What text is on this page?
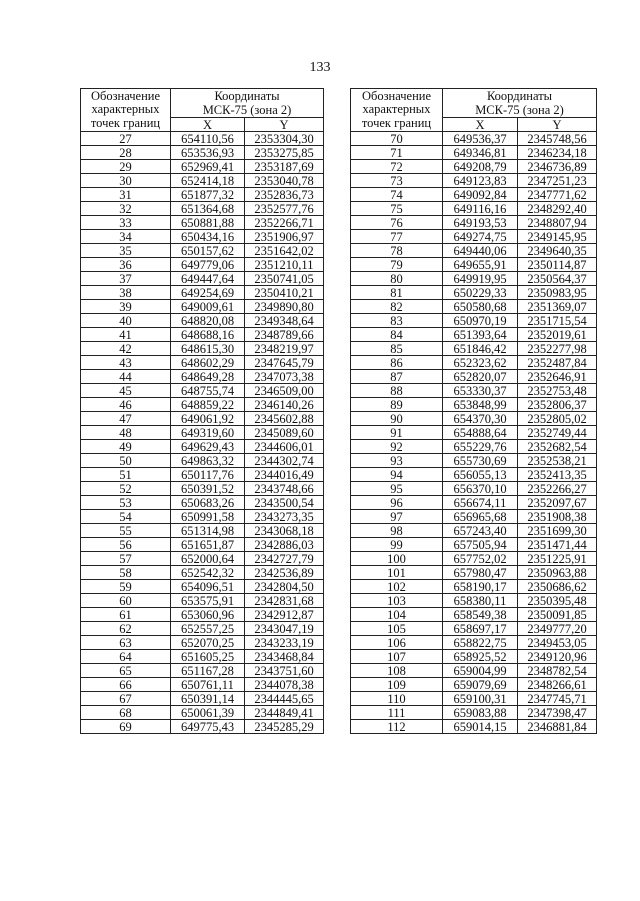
133
Обозначение
характерных
точек границ	Координаты
МСК-75 (зона 2)	

	X	Y
27	654110,56	2353304,30
28	653536,93	2353275,85
29	652969,41	2353187,69
30	652414,18	2353040,78
31	651877,32	2352836,73
32	651364,68	2352577,76
33	650881,88	2352266,71
34	650434,16	2351906,97
35	650157,62	2351642,02
36	649779,06	2351210,11
37	649447,64	2350741,05
38	649254,69	2350410,21
39	649009,61	2349890,80
40	648820,08	2349348,64
41	648688,16	2348789,66
42	648615,30	2348219,97
43	648602,29	2347645,79
44	648649,28	2347073,38
45	648755,74	2346509,00
46	648859,22	2346140,26
47	649061,92	2345602,88
48	649319,60	2345089,60
49	649629,43	2344606,01
50	649863,32	2344302,74
51	650117,76	2344016,49
52	650391,52	2343748,66
53	650683,26	2343500,54
54	650991,58	2343273,35
55	651314,98	2343068,18
56	651651,87	2342886,03
57	652000,64	2342727,79
58	652542,32	2342536,89
59	654096,51	2342804,50
60	653575,91	2342831,68
61	653060,96	2342912,87
62	652557,25	2343047,19
63	652070,25	2343233,19
64	651605,25	2343468,84
65	651167,28	2343751,60
66	650761,11	2344078,38
67	650391,14	2344445,65
68	650061,39	2344849,41
69	649775,43	2345285,29
Обозначение
характерных
точек границ	Координаты
МСК-75 (зона 2)	

	X	Y
70	649536,37	2345748,56
71	649346,81	2346234,18
72	649208,79	2346736,89
73	649123,83	2347251,23
74	649092,84	2347771,62
75	649116,16	2348292,40
76	649193,53	2348807,94
77	649274,75	2349145,95
78	649440,06	2349640,35
79	649655,91	2350114,87
80	649919,95	2350564,37
81	650229,33	2350983,95
82	650580,68	2351369,07
83	650970,19	2351715,54
84	651393,64	2352019,61
85	651846,42	2352277,98
86	652323,62	2352487,84
87	652820,07	2352646,91
88	653330,37	2352753,48
89	653848,99	2352806,37
90	654370,30	2352805,02
91	654888,64	2352749,44
92	655229,76	2352682,54
93	655730,69	2352538,21
94	656055,13	2352413,35
95	656370,10	2352266,27
96	656674,11	2352097,67
97	656965,68	2351908,38
98	657243,40	2351699,30
99	657505,94	2351471,44
100	657752,02	2351225,91
101	657980,47	2350963,88
102	658190,17	2350686,62
103	658380,11	2350395,48
104	658549,38	2350091,85
105	658697,17	2349777,20
106	658822,75	2349453,05
107	658925,52	2349120,96
108	659004,99	2348782,54
109	659079,69	2348266,61
110	659100,31	2347745,71
111	659083,88	2347398,47
112	659014,15	2346881,84
